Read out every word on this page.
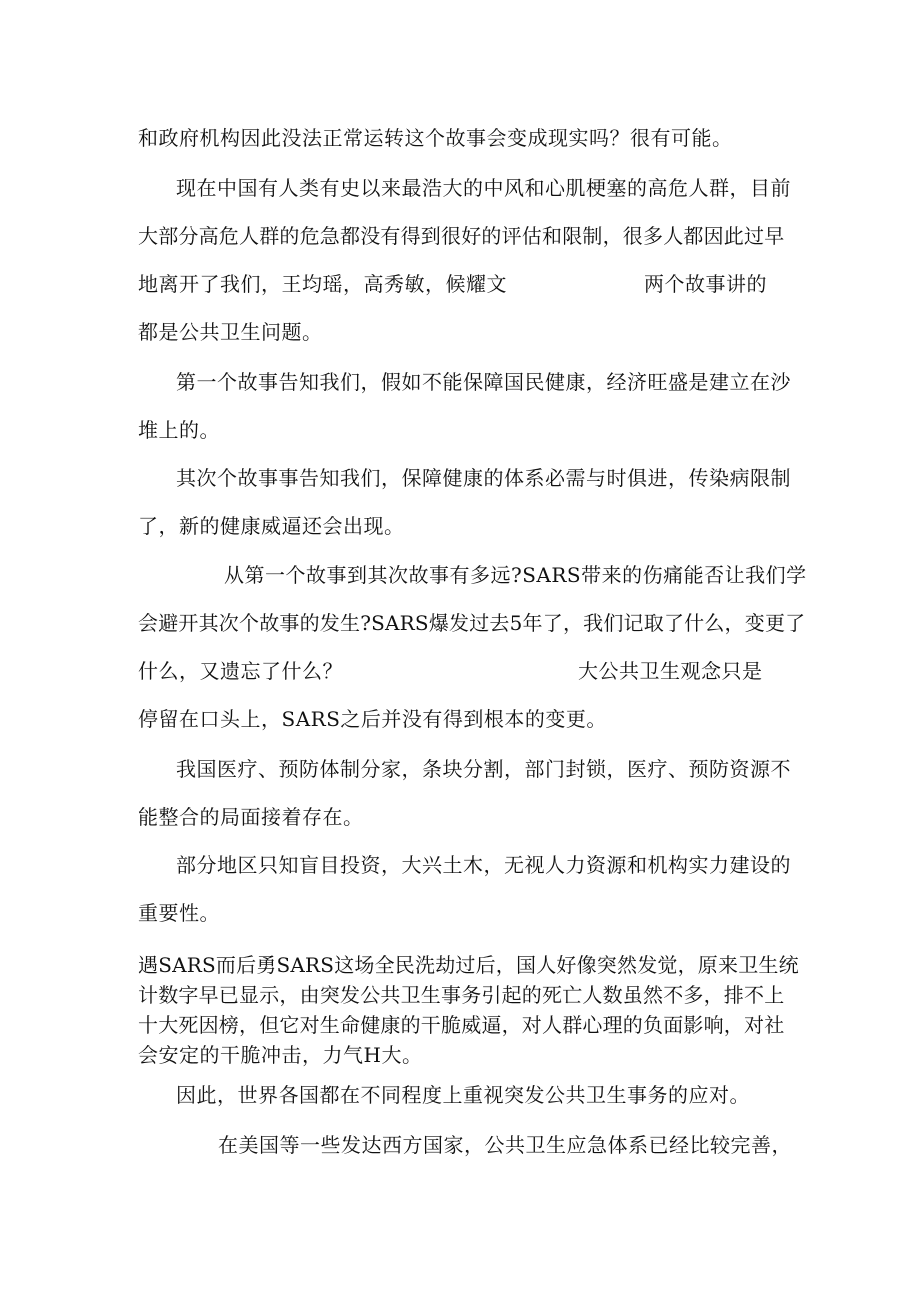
和政府机构因此没法正常运转这个故事会变成现实吗？很有可能。

现在中国有人类有史以来最浩大的中风和心肌梗塞的高危人群，目前

大部分高危人群的危急都没有得到很好的评估和限制，很多人都因此过早

地离开了我们，王均瑶，高秀敏，候耀文	两个故事讲的

都是公共卫生问题。

第一个故事告知我们，假如不能保障国民健康，经济旺盛是建立在沙

堆上的。

其次个故事事告知我们，保障健康的体系必需与时俱进，传染病限制

了，新的健康威逼还会出现。

从第一个故事到其次故事有多远?SARS带来的伤痛能否让我们学

会避开其次个故事的发生?SARS爆发过去5年了，我们记取了什么，变更了

什么，又遗忘了什么？	大公共卫生观念只是

停留在口头上，SARS之后并没有得到根本的变更。

我国医疗、预防体制分家，条块分割，部门封锁，医疗、预防资源不

能整合的局面接着存在。

部分地区只知盲目投资，大兴土木，无视人力资源和机构实力建设的

重要性。

遇SARS而后勇SARS这场全民洗劫过后，国人好像突然发觉，原来卫生统

计数字早已显示，由突发公共卫生事务引起的死亡人数虽然不多，排不上

十大死因榜，但它对生命健康的干脆威逼，对人群心理的负面影响，对社

会安定的干脆冲击，力气H大。

因此，世界各国都在不同程度上重视突发公共卫生事务的应对。

在美国等一些发达西方国家，公共卫生应急体系已经比较完善，
